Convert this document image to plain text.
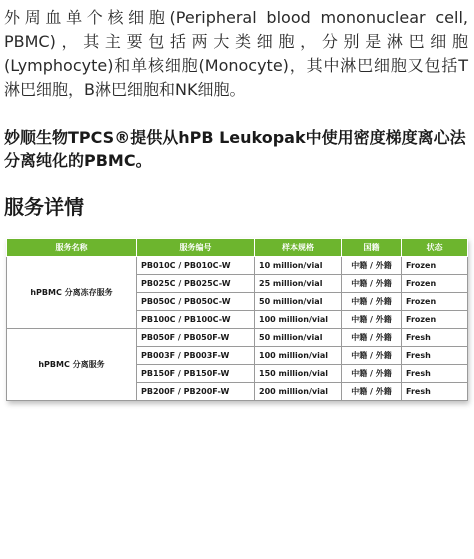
外周血单个核细胞(Peripheral blood mononuclear cell, PBMC)，其主要包括两大类细胞，分别是淋巴细胞(Lymphocyte)和单核细胞(Monocyte)，其中淋巴细胞又包括T淋巴细胞，B淋巴细胞和NK细胞。

妙顺生物TPCS®提供从hPB Leukopak中使用密度梯度离心法分离纯化的PBMC。

服务详情
服务名称	服务编号	样本规格	国籍	状态
hPBMC 分离冻存服务	PB010C / PB010C-W	10 million/vial	中籍 / 外籍	Frozen
	PB025C / PB025C-W	25 million/vial	中籍 / 外籍	Frozen
	PB050C / PB050C-W	50 million/vial	中籍 / 外籍	Frozen
	PB100C / PB100C-W	100 million/vial	中籍 / 外籍	Frozen
hPBMC 分离服务	PB050F / PB050F-W	50 million/vial	中籍 / 外籍	Fresh
	PB003F / PB003F-W	100 million/vial	中籍 / 外籍	Fresh
	PB150F / PB150F-W	150 million/vial	中籍 / 外籍	Fresh
	PB200F / PB200F-W	200 million/vial	中籍 / 外籍	Fresh
